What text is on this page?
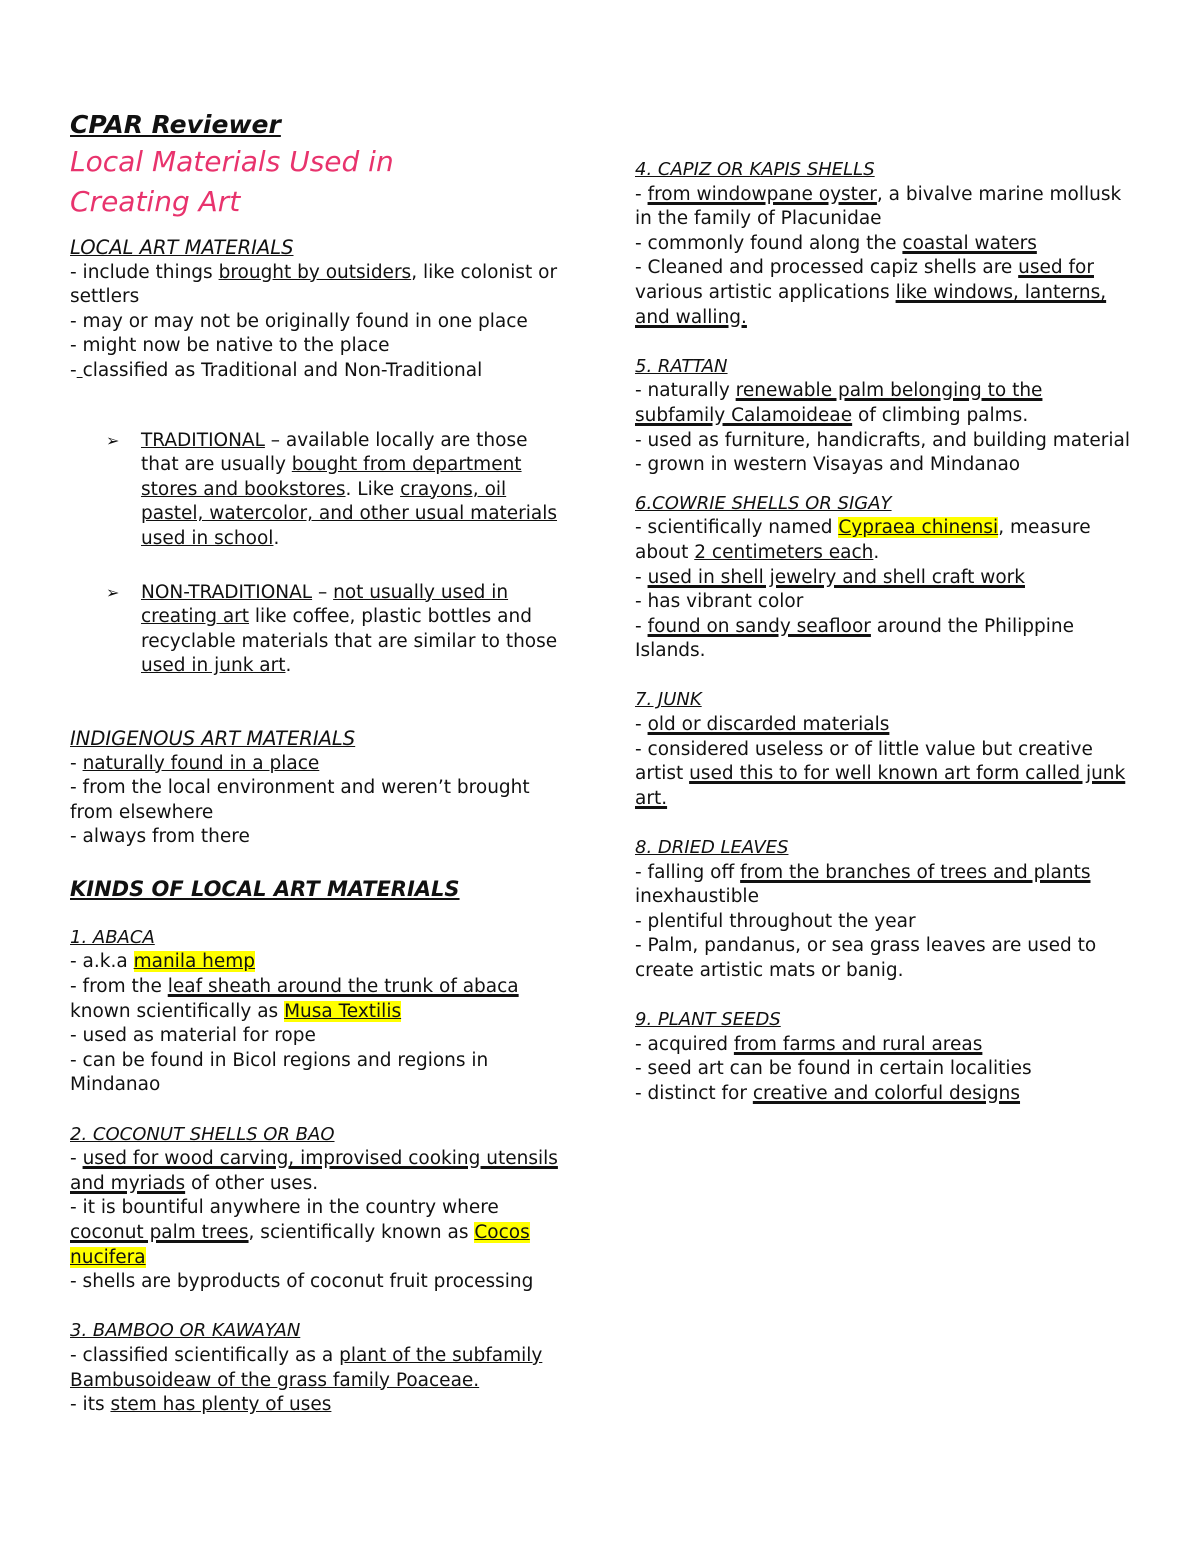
CPAR Reviewer
Local Materials Used in
Creating Art
LOCAL ART MATERIALS
- include things brought by outsiders, like colonist or settlers
- may or may not be originally found in one place
- might now be native to the place
- classified as Traditional and Non-Traditional
➢	TRADITIONAL – available locally are those that are usually bought from department stores and bookstores. Like crayons, oil pastel, watercolor, and other usual materials used in school.
➢	NON-TRADITIONAL – not usually used in creating art like coffee, plastic bottles and recyclable materials that are similar to those used in junk art.
INDIGENOUS ART MATERIALS
- naturally found in a place
- from the local environment and weren’t brought from elsewhere
- always from there
KINDS OF LOCAL ART MATERIALS
1. ABACA
- a.k.a manila hemp
- from the leaf sheath around the trunk of abaca known scientifically as Musa Textilis
- used as material for rope
- can be found in Bicol regions and regions in Mindanao
2. COCONUT SHELLS OR BAO
- used for wood carving, improvised cooking utensils and myriads of other uses.
- it is bountiful anywhere in the country where coconut palm trees, scientifically known as Cocos nucifera
- shells are byproducts of coconut fruit processing
3. BAMBOO OR KAWAYAN
- classified scientifically as a plant of the subfamily Bambusoideaw of the grass family Poaceae.
- its stem has plenty of uses
4. CAPIZ OR KAPIS SHELLS
- from windowpane oyster, a bivalve marine mollusk in the family of Placunidae
- commonly found along the coastal waters
- Cleaned and processed capiz shells are used for various artistic applications like windows, lanterns, and walling.
5. RATTAN
- naturally renewable palm belonging to the subfamily Calamoideae of climbing palms.
- used as furniture, handicrafts, and building material
- grown in western Visayas and Mindanao
6.COWRIE SHELLS OR SIGAY
- scientifically named Cypraea chinensi, measure about 2 centimeters each.
- used in shell jewelry and shell craft work
- has vibrant color
- found on sandy seafloor around the Philippine Islands.
7. JUNK
- old or discarded materials
- considered useless or of little value but creative artist used this to for well known art form called junk art.
8. DRIED LEAVES
- falling off from the branches of trees and plants inexhaustible
- plentiful throughout the year
- Palm, pandanus, or sea grass leaves are used to create artistic mats or banig.
9. PLANT SEEDS
- acquired from farms and rural areas
- seed art can be found in certain localities
- distinct for creative and colorful designs
